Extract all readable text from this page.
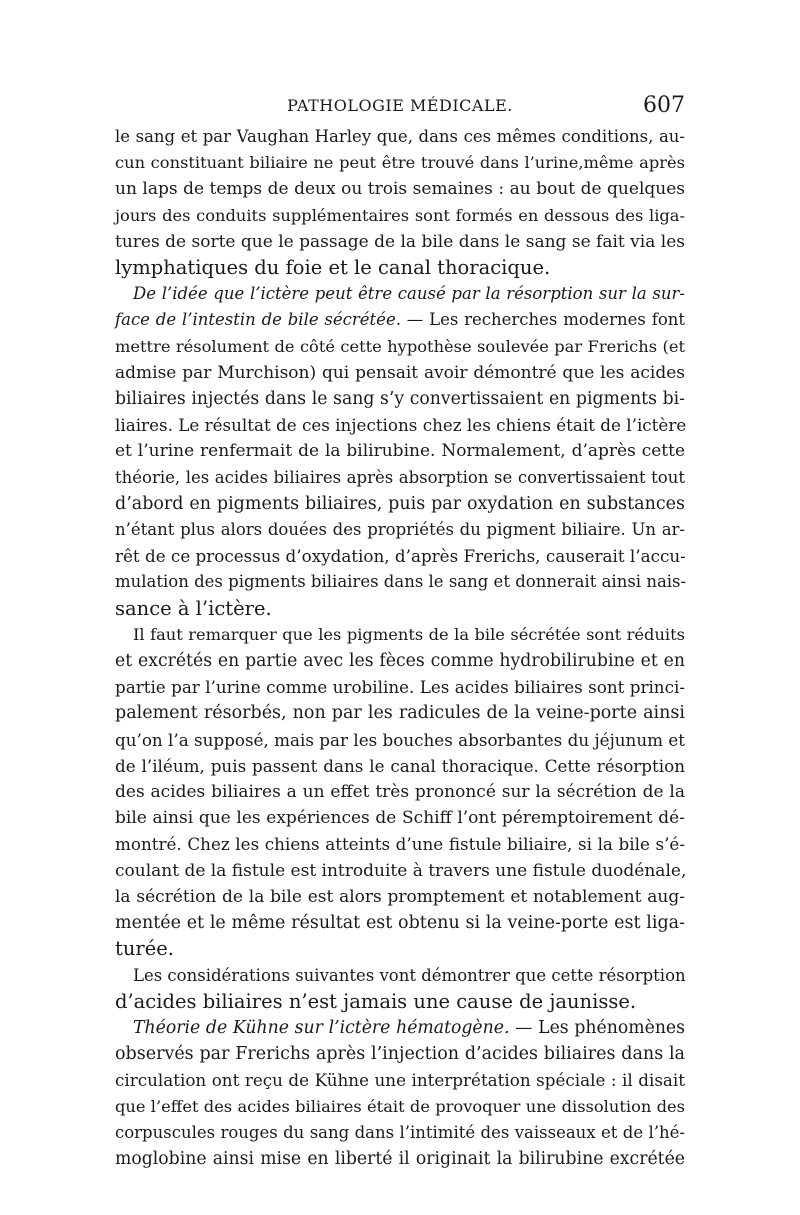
PATHOLOGIE MÉDICALE.	607
le sang et par Vaughan Harley que, dans ces mêmes conditions, au-
cun constituant biliaire ne peut être trouvé dans l’urine,même après
un laps de temps de deux ou trois semaines : au bout de quelques
jours des conduits supplémentaires sont formés en dessous des liga-
tures de sorte que le passage de la bile dans le sang se fait via les
lymphatiques du foie et le canal thoracique.
De l’idée que l’ictère peut être causé par la résorption sur la sur-
face de l’intestin de bile sécrétée. — Les recherches modernes font
mettre résolument de côté cette hypothèse soulevée par Frerichs (et
admise par Murchison) qui pensait avoir démontré que les acides
biliaires injectés dans le sang s’y convertissaient en pigments bi-
liaires. Le résultat de ces injections chez les chiens était de l’ictère
et l’urine renfermait de la bilirubine. Normalement, d’après cette
théorie, les acides biliaires après absorption se convertissaient tout
d’abord en pigments biliaires, puis par oxydation en substances
n’étant plus alors douées des propriétés du pigment biliaire. Un ar-
rêt de ce processus d’oxydation, d’après Frerichs, causerait l’accu-
mulation des pigments biliaires dans le sang et donnerait ainsi nais-
sance à l’ictère.
Il faut remarquer que les pigments de la bile sécrétée sont réduits
et excrétés en partie avec les fèces comme hydrobilirubine et en
partie par l’urine comme urobiline. Les acides biliaires sont princi-
palement résorbés, non par les radicules de la veine-porte ainsi
qu’on l’a supposé, mais par les bouches absorbantes du jéjunum et
de l’iléum, puis passent dans le canal thoracique. Cette résorption
des acides biliaires a un effet très prononcé sur la sécrétion de la
bile ainsi que les expériences de Schiff l’ont péremptoirement dé-
montré. Chez les chiens atteints d’une fistule biliaire, si la bile s’é-
coulant de la fistule est introduite à travers une fistule duodénale,
la sécrétion de la bile est alors promptement et notablement aug-
mentée et le même résultat est obtenu si la veine-porte est liga-
turée.
Les considérations suivantes vont démontrer que cette résorption
d’acides biliaires n’est jamais une cause de jaunisse.
Théorie de Kühne sur l’ictère hématogène. — Les phénomènes
observés par Frerichs après l’injection d’acides biliaires dans la
circulation ont reçu de Kühne une interprétation spéciale : il disait
que l’effet des acides biliaires était de provoquer une dissolution des
corpuscules rouges du sang dans l’intimité des vaisseaux et de l’hé-
moglobine ainsi mise en liberté il originait la bilirubine excrétée
